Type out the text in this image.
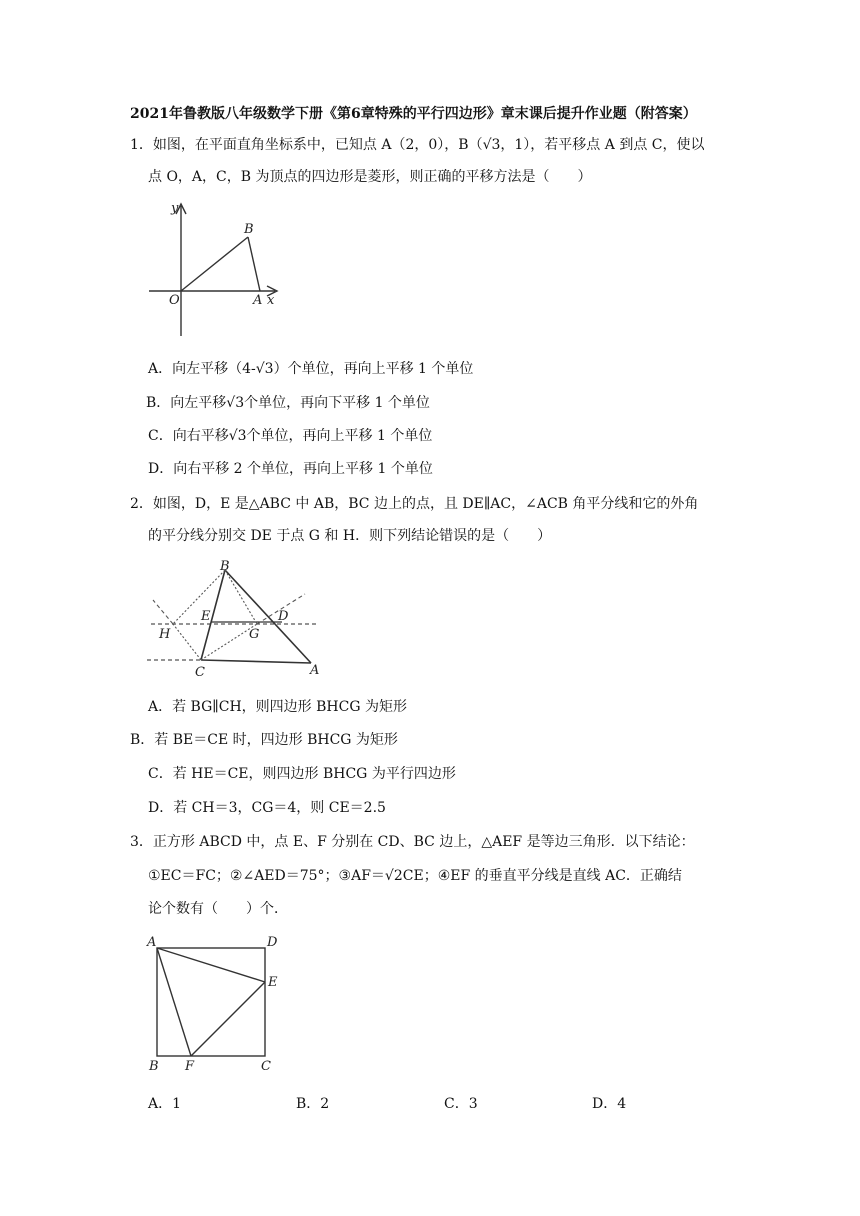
2021年鲁教版八年级数学下册《第6章特殊的平行四边形》章末课后提升作业题（附答案）
1．如图，在平面直角坐标系中，已知点 A（2，0），B（√3，1），若平移点 A 到点 C，使以
点 O，A，C，B 为顶点的四边形是菱形，则正确的平移方法是（　　）
y
x
O	A
B
A．向左平移（4-√3）个单位，再向上平移 1 个单位
B．向左平移√3个单位，再向下平移 1 个单位
C．向右平移√3个单位，再向上平移 1 个单位
D．向右平移 2 个单位，再向上平移 1 个单位
2．如图，D，E 是△ABC 中 AB，BC 边上的点，且 DE∥AC，∠ACB 角平分线和它的外角
的平分线分别交 DE 于点 G 和 H．则下列结论错误的是（　　）
B
E	D
H	G
C	A
A．若 BG∥CH，则四边形 BHCG 为矩形
B．若 BE＝CE 时，四边形 BHCG 为矩形
C．若 HE＝CE，则四边形 BHCG 为平行四边形
D．若 CH＝3，CG＝4，则 CE＝2.5
3．正方形 ABCD 中，点 E、F 分别在 CD、BC 边上，△AEF 是等边三角形．以下结论：
①EC＝FC；②∠AED＝75°；③AF＝√2CE；④EF 的垂直平分线是直线 AC．正确结
论个数有（　　）个．
A	D
E
B F	C
A．1	B．2	C．3	D．4
